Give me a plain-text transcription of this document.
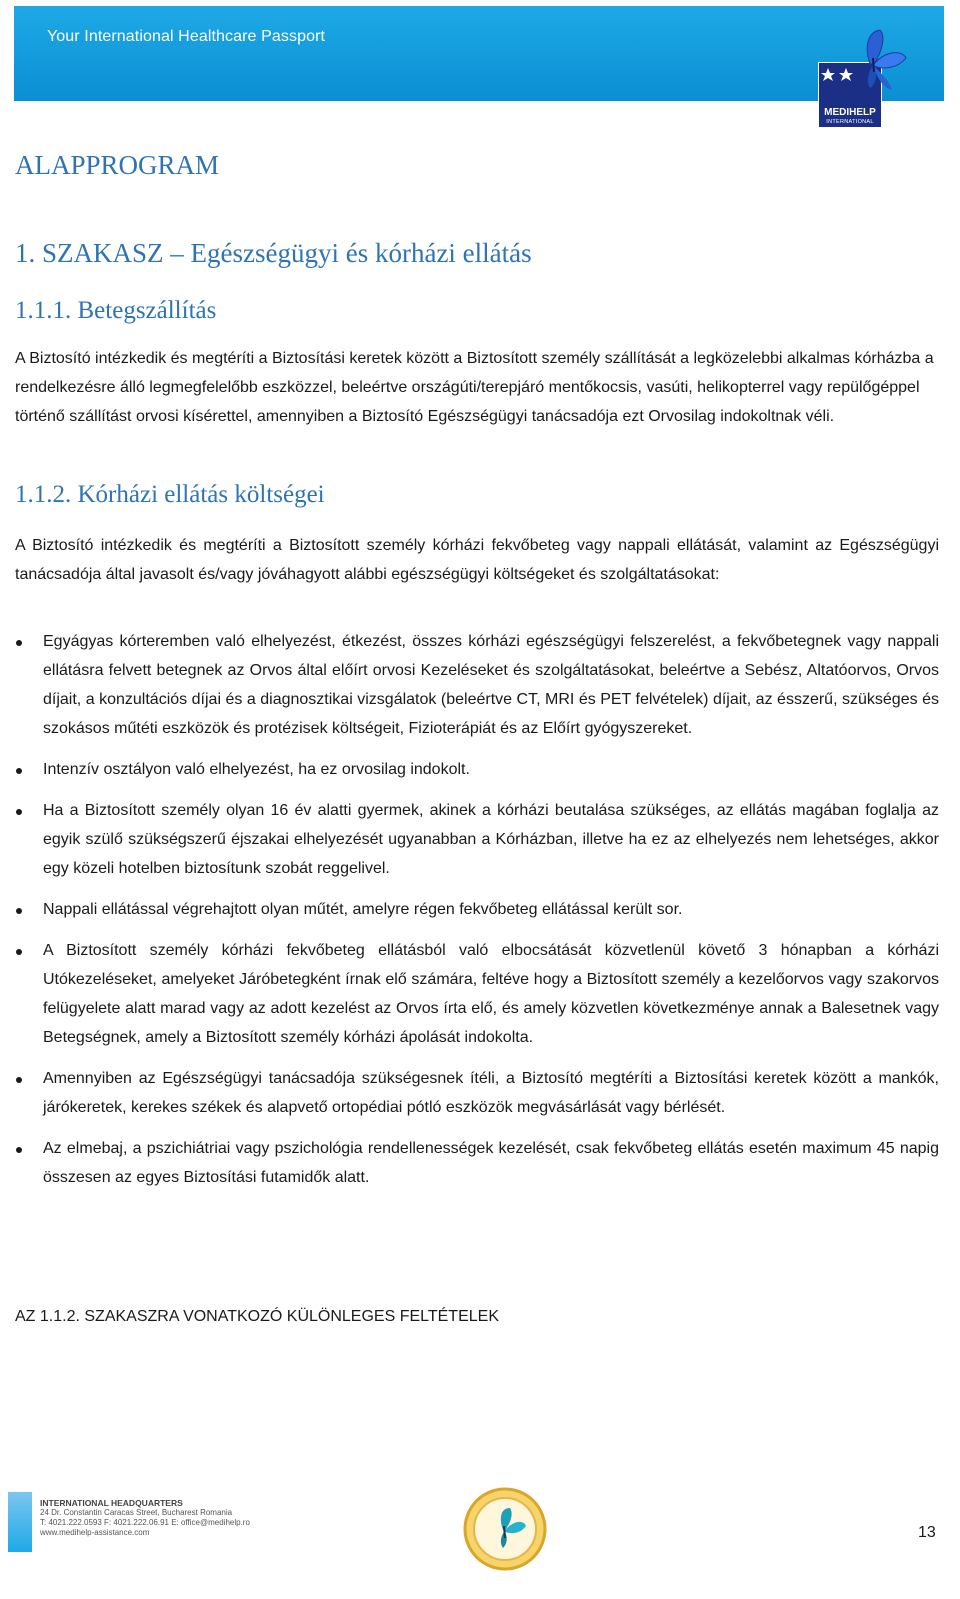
Your International Healthcare Passport
MEDIHELP
INTERNATIONAL
ALAPPROGRAM
1. SZAKASZ – Egészségügyi és kórházi ellátás
1.1.1. Betegszállítás

A Biztosító intézkedik és megtéríti a Biztosítási keretek között a Biztosított személy szállítását a legközelebbi alkalmas kórházba a rendelkezésre álló legmegfelelőbb eszközzel, beleértve országúti/terepjáró mentőkocsis, vasúti, helikopterrel vagy repülőgéppel történő szállítást orvosi kísérettel, amennyiben a Biztosító Egészségügyi tanácsadója ezt Orvosilag indokoltnak véli.

1.1.2. Kórházi ellátás költségei

A Biztosító intézkedik és megtéríti a Biztosított személy kórházi fekvőbeteg vagy nappali ellátását, valamint az Egészségügyi tanácsadója által javasolt és/vagy jóváhagyott alábbi egészségügyi költségeket és szolgáltatásokat:

Egyágyas kórteremben való elhelyezést, étkezést, összes kórházi egészségügyi felszerelést, a fekvőbetegnek vagy nappali ellátásra felvett betegnek az Orvos által előírt orvosi Kezeléseket és szolgáltatásokat, beleértve a Sebész, Altatóorvos, Orvos díjait, a konzultációs díjai és a diagnosztikai vizsgálatok (beleértve CT, MRI és PET felvételek) díjait, az ésszerű, szükséges és szokásos műtéti eszközök és protézisek költségeit, Fizioterápiát és az Előírt gyógyszereket.
Intenzív osztályon való elhelyezést, ha ez orvosilag indokolt.
Ha a Biztosított személy olyan 16 év alatti gyermek, akinek a kórházi beutalása szükséges, az ellátás magában foglalja az egyik szülő szükségszerű éjszakai elhelyezését ugyanabban a Kórházban, illetve ha ez az elhelyezés nem lehetséges, akkor egy közeli hotelben biztosítunk szobát reggelivel.
Nappali ellátással végrehajtott olyan műtét, amelyre régen fekvőbeteg ellátással került sor.
A Biztosított személy kórházi fekvőbeteg ellátásból való elbocsátását közvetlenül követő 3 hónapban a kórházi Utókezeléseket, amelyeket Járóbetegként írnak elő számára, feltéve hogy a Biztosított személy a kezelőorvos vagy szakorvos felügyelete alatt marad vagy az adott kezelést az Orvos írta elő, és amely közvetlen következménye annak a Balesetnek vagy Betegségnek, amely a Biztosított személy kórházi ápolását indokolta.
Amennyiben az Egészségügyi tanácsadója szükségesnek ítéli, a Biztosító megtéríti a Biztosítási keretek között a mankók, járókeretek, kerekes székek és alapvető ortopédiai pótló eszközök megvásárlását vagy bérlését.
Az elmebaj, a pszichiátriai vagy pszichológia rendellenességek kezelését, csak fekvőbeteg ellátás esetén maximum 45 napig összesen az egyes Biztosítási futamidők alatt.

AZ 1.1.2. SZAKASZRA VONATKOZÓ KÜLÖNLEGES FELTÉTELEK

INTERNATIONAL HEADQUARTERS
24 Dr. Constantin Caracas Street, Bucharest Romania
T: 4021.222.0593 F: 4021.222.06.91 E: office@medihelp.ro
www.medihelp-assistance.com	13
